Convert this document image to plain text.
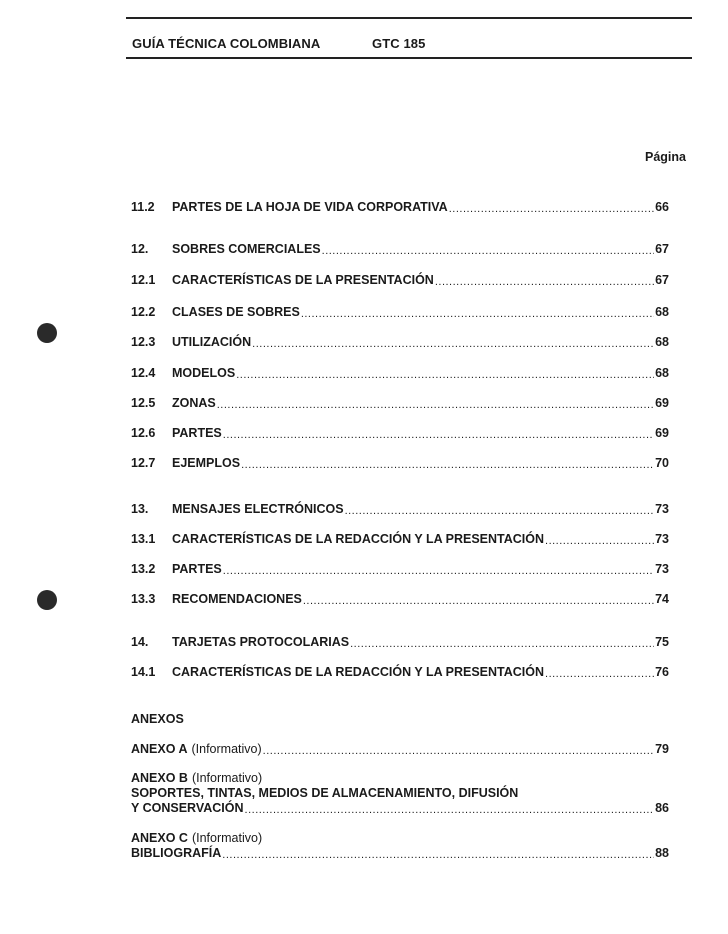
GUÍA TÉCNICA COLOMBIANA	GTC 185
Página
11.2	PARTES DE LA HOJA DE VIDA CORPORATIVA .....	66
12.	SOBRES COMERCIALES .....	67
12.1	CARACTERÍSTICAS DE LA PRESENTACIÓN .....	67
12.2	CLASES DE SOBRES .....	68
12.3	UTILIZACIÓN .....	68
12.4	MODELOS .....	68
12.5	ZONAS .....	69
12.6	PARTES .....	69
12.7	EJEMPLOS .....	70
13.	MENSAJES ELECTRÓNICOS .....	73
13.1	CARACTERÍSTICAS DE LA REDACCIÓN Y LA PRESENTACIÓN .....	73
13.2	PARTES .....	73
13.3	RECOMENDACIONES .....	74
14.	TARJETAS PROTOCOLARIAS .....	75
14.1	CARACTERÍSTICAS DE LA REDACCIÓN Y LA PRESENTACIÓN .....	76
ANEXOS
ANEXO A (Informativo) .....	79
ANEXO B (Informativo)
SOPORTES, TINTAS, MEDIOS DE ALMACENAMIENTO, DIFUSIÓN
Y CONSERVACIÓN .....	86
ANEXO C (Informativo)
BIBLIOGRAFÍA .....	88
